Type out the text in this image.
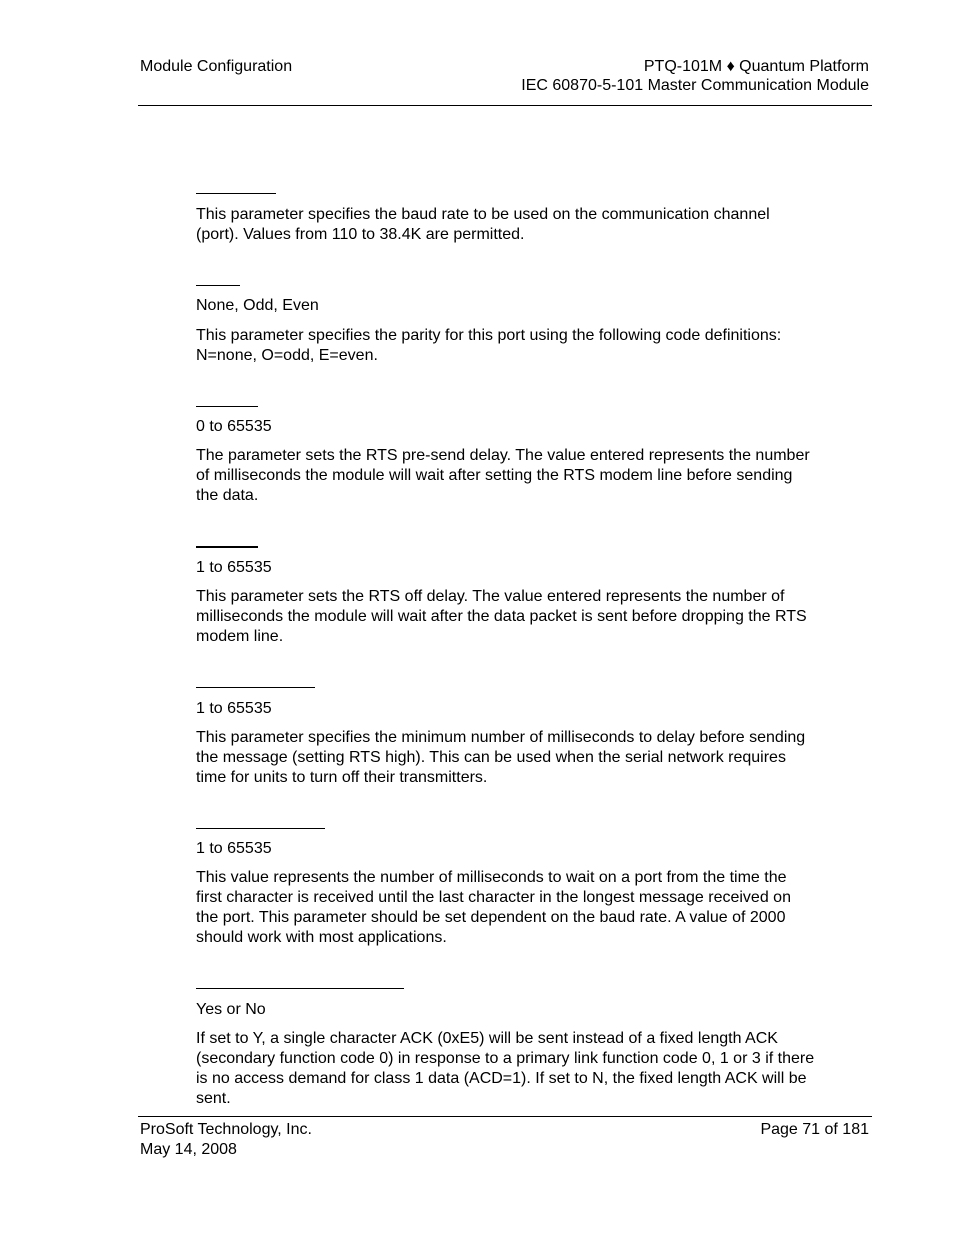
Module Configuration	PTQ-101M ♦ Quantum Platform
IEC 60870-5-101 Master Communication Module
This parameter specifies the baud rate to be used on the communication channel (port). Values from 110 to 38.4K are permitted.
None, Odd, Even
This parameter specifies the parity for this port using the following code definitions: N=none, O=odd, E=even.
0 to 65535
The parameter sets the RTS pre-send delay. The value entered represents the number of milliseconds the module will wait after setting the RTS modem line before sending the data.
1 to 65535
This parameter sets the RTS off delay. The value entered represents the number of milliseconds the module will wait after the data packet is sent before dropping the RTS modem line.
1 to 65535
This parameter specifies the minimum number of milliseconds to delay before sending the message (setting RTS high). This can be used when the serial network requires time for units to turn off their transmitters.
1 to 65535
This value represents the number of milliseconds to wait on a port from the time the first character is received until the last character in the longest message received on the port. This parameter should be set dependent on the baud rate. A value of 2000 should work with most applications.
Yes or No
If set to Y, a single character ACK (0xE5) will be sent instead of a fixed length ACK (secondary function code 0) in response to a primary link function code 0, 1 or 3 if there is no access demand for class 1 data (ACD=1). If set to N, the fixed length ACK will be sent.
ProSoft Technology, Inc.
May 14, 2008
Page 71 of 181
